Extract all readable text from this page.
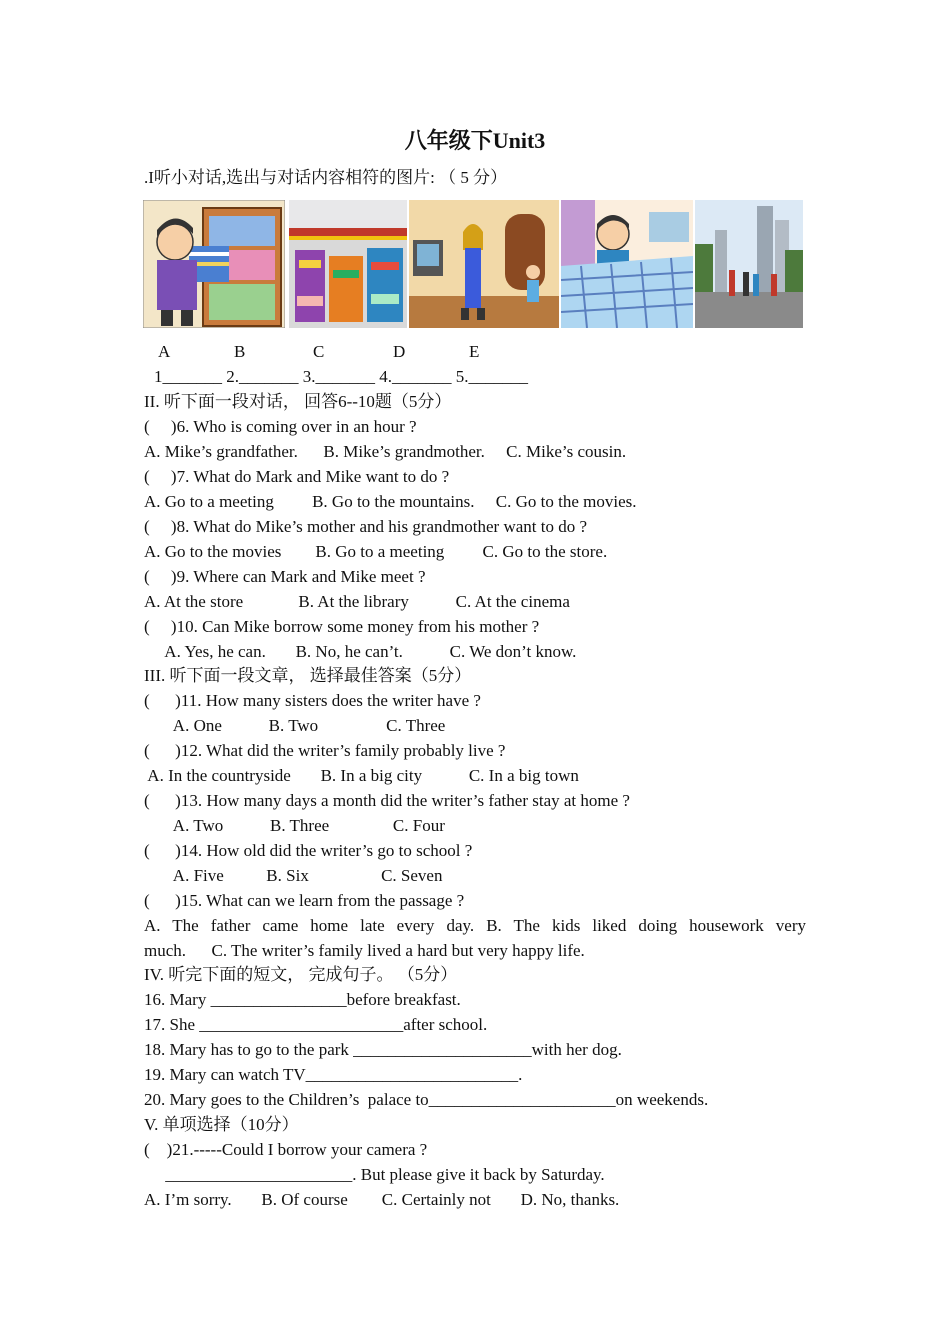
八年级下Unit3
.I听小对话,选出与对话内容相符的图片: （ 5 分）
A	B	C	D	E
1_______ 2._______ 3._______ 4._______ 5._______
II. 听下面一段对话， 回答6--10题（5分）
(     )6. Who is coming over in an hour ?
A. Mike’s grandfather.      B. Mike’s grandmother.     C. Mike’s cousin.
(     )7. What do Mark and Mike want to do ?
A. Go to a meeting         B. Go to the mountains.     C. Go to the movies.
(     )8. What do Mike’s mother and his grandmother want to do ?
A. Go to the movies        B. Go to a meeting         C. Go to the store.
(     )9. Where can Mark and Mike meet ?
A. At the store             B. At the library           C. At the cinema
(     )10. Can Mike borrow some money from his mother ?
A. Yes, he can.       B. No, he can’t.           C. We don’t know.
III. 听下面一段文章， 选择最佳答案（5分）
(      )11. How many sisters does the writer have ?
A. One           B. Two                C. Three
(      )12. What did the writer’s family probably live ?
A. In the countryside       B. In a big city           C. In a big town
(      )13. How many days a month did the writer’s father stay at home ?
A. Two           B. Three               C. Four
(      )14. How old did the writer’s go to school ?
A. Five          B. Six                 C. Seven
(      )15. What can we learn from the passage ?
A. The father came home late every day. B. The kids liked doing housework very
much.      C. The writer’s family lived a hard but very happy life.
IV. 听完下面的短文， 完成句子。 （5分）
16. Mary ________________before breakfast.
17. She ________________________after school.
18. Mary has to go to the park _____________________with her dog.
19. Mary can watch TV_________________________.
20. Mary goes to the Children’s  palace to______________________on weekends.
V. 单项选择（10分）
(    )21.-----Could I borrow your camera ?
______________________. But please give it back by Saturday.
A. I’m sorry.       B. Of course        C. Certainly not       D. No, thanks.
